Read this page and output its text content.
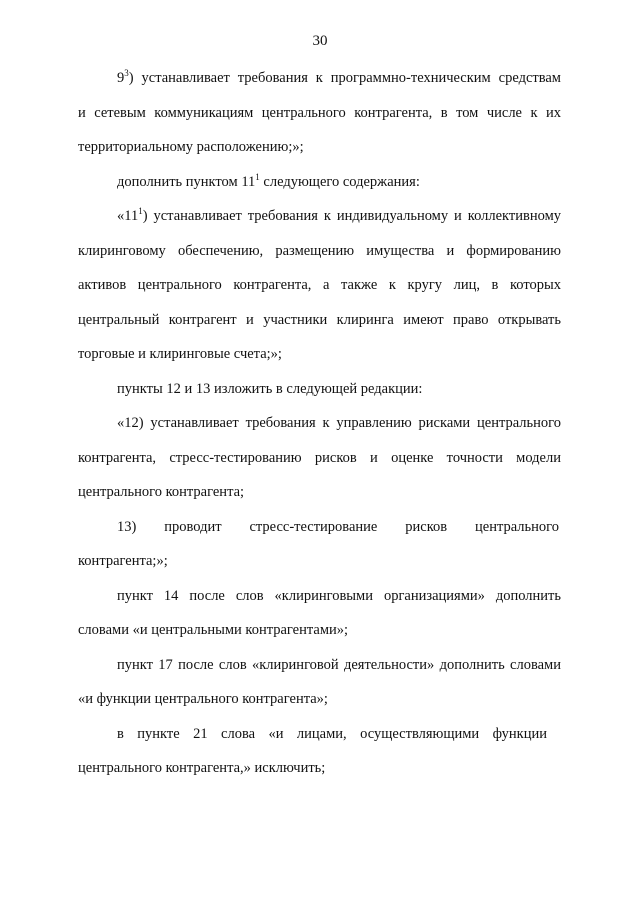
30
$9^3$) устанавливает требования к программно-техническим средствам
и сетевым коммуникациям центрального контрагента, в том числе к их
территориальному расположению;»;
дополнить пунктом $11^1$ следующего содержания:
«$11^1$) устанавливает требования к индивидуальному и коллективному
клиринговому обеспечению, размещению имущества и формированию
активов центрального контрагента, а также к кругу лиц, в которых
центральный контрагент и участники клиринга имеют право открывать
торговые и клиринговые счета;»;
пункты 12 и 13 изложить в следующей редакции:
«12) устанавливает требования к управлению рисками центрального
контрагента, стресс-тестированию рисков и оценке точности модели
центрального контрагента;
13) проводит стресс-тестирование рисков центрального
контрагента;»;
пункт 14 после слов «клиринговыми организациями» дополнить
словами «и центральными контрагентами»;
пункт 17 после слов «клиринговой деятельности» дополнить словами
«и функции центрального контрагента»;
в пункте 21 слова «и лицами, осуществляющими функции
центрального контрагента,» исключить;
